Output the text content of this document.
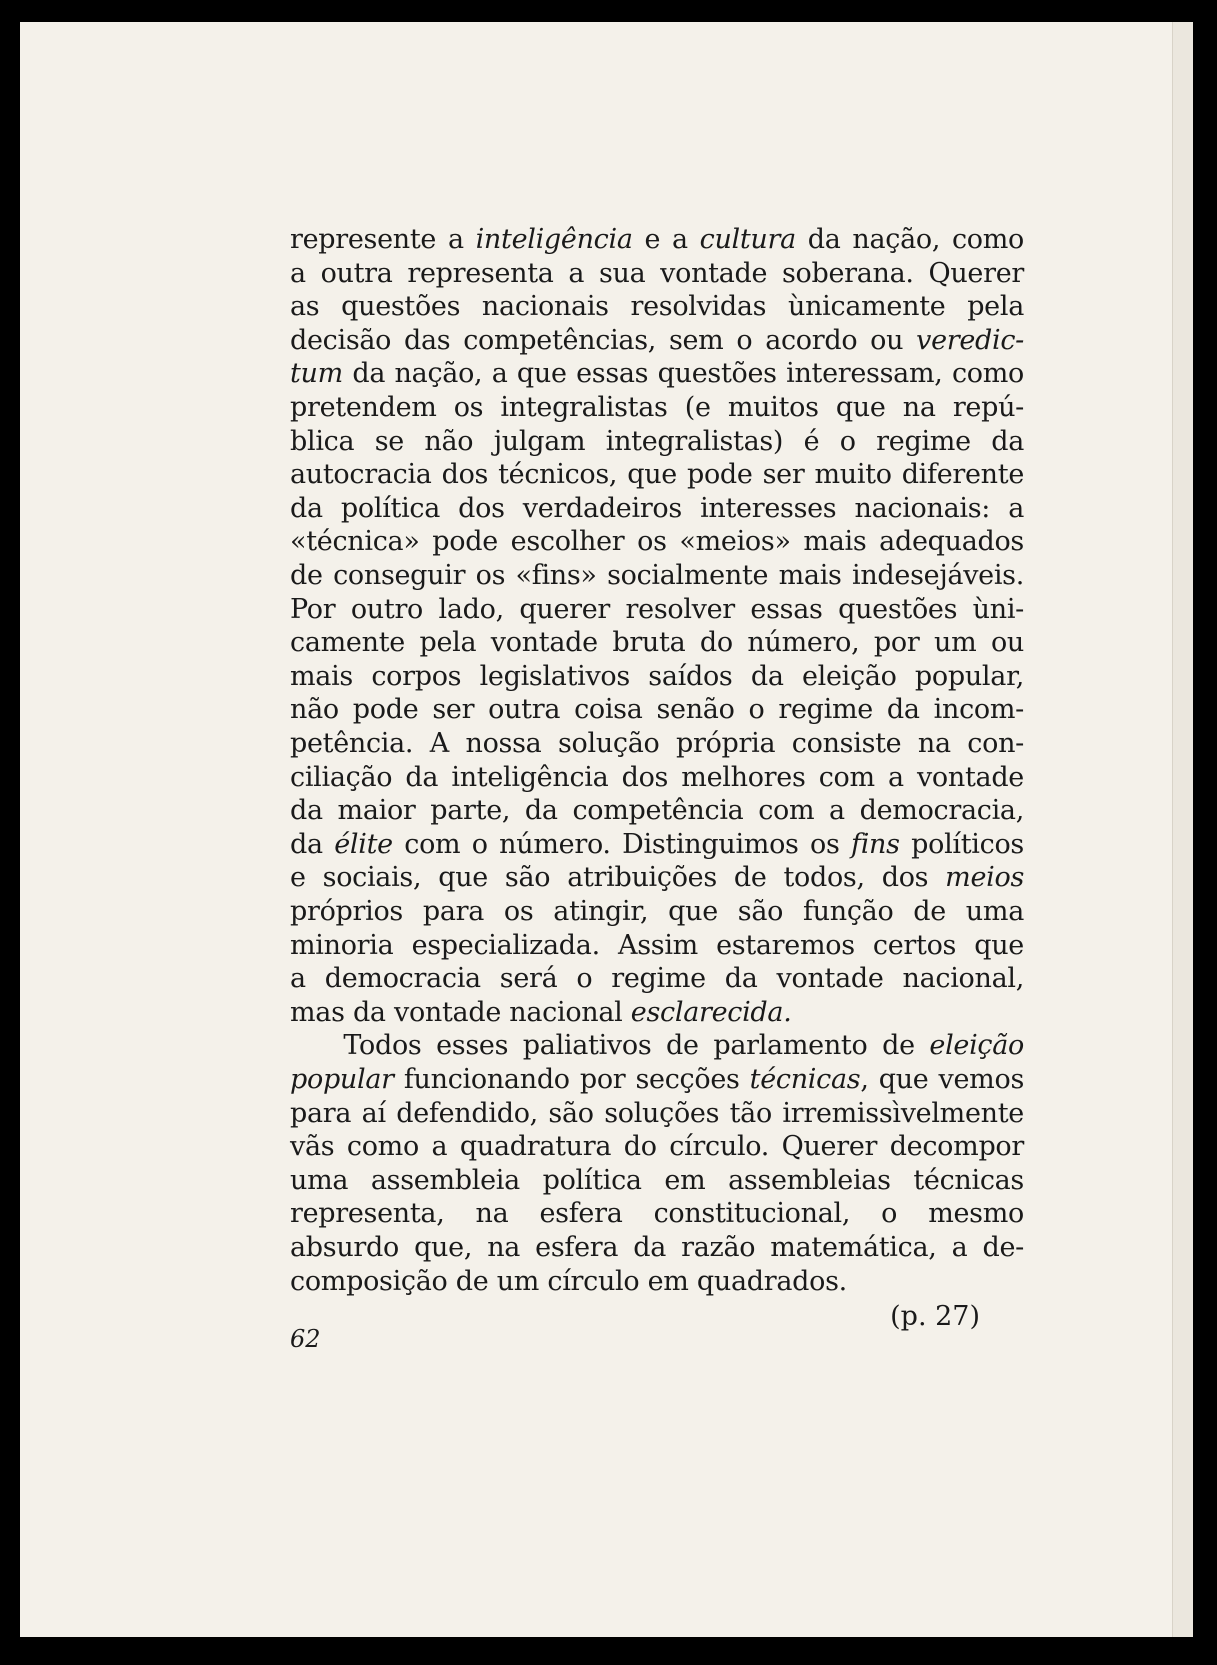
represente a inteligência e a cultura da nação, como
a outra representa a sua vontade soberana. Querer
as questões nacionais resolvidas ùnicamente pela
decisão das competências, sem o acordo ou veredic-
tum da nação, a que essas questões interessam, como
pretendem os integralistas (e muitos que na repú-
blica se não julgam integralistas) é o regime da
autocracia dos técnicos, que pode ser muito diferente
da política dos verdadeiros interesses nacionais: a
«técnica» pode escolher os «meios» mais adequados
de conseguir os «fins» socialmente mais indesejáveis.
Por outro lado, querer resolver essas questões ùni-
camente pela vontade bruta do número, por um ou
mais corpos legislativos saídos da eleição popular,
não pode ser outra coisa senão o regime da incom-
petência. A nossa solução própria consiste na con-
ciliação da inteligência dos melhores com a vontade
da maior parte, da competência com a democracia,
da élite com o número. Distinguimos os fins políticos
e sociais, que são atribuições de todos, dos meios
próprios para os atingir, que são função de uma
minoria especializada. Assim estaremos certos que
a democracia será o regime da vontade nacional,
mas da vontade nacional esclarecida.
  Todos esses paliativos de parlamento de eleição
popular funcionando por secções técnicas, que vemos
para aí defendido, são soluções tão irremissìvelmente
vãs como a quadratura do círculo. Querer decompor
uma assembleia política em assembleias técnicas
representa, na esfera constitucional, o mesmo
absurdo que, na esfera da razão matemática, a de-
composição de um círculo em quadrados.
(p. 27)
62
